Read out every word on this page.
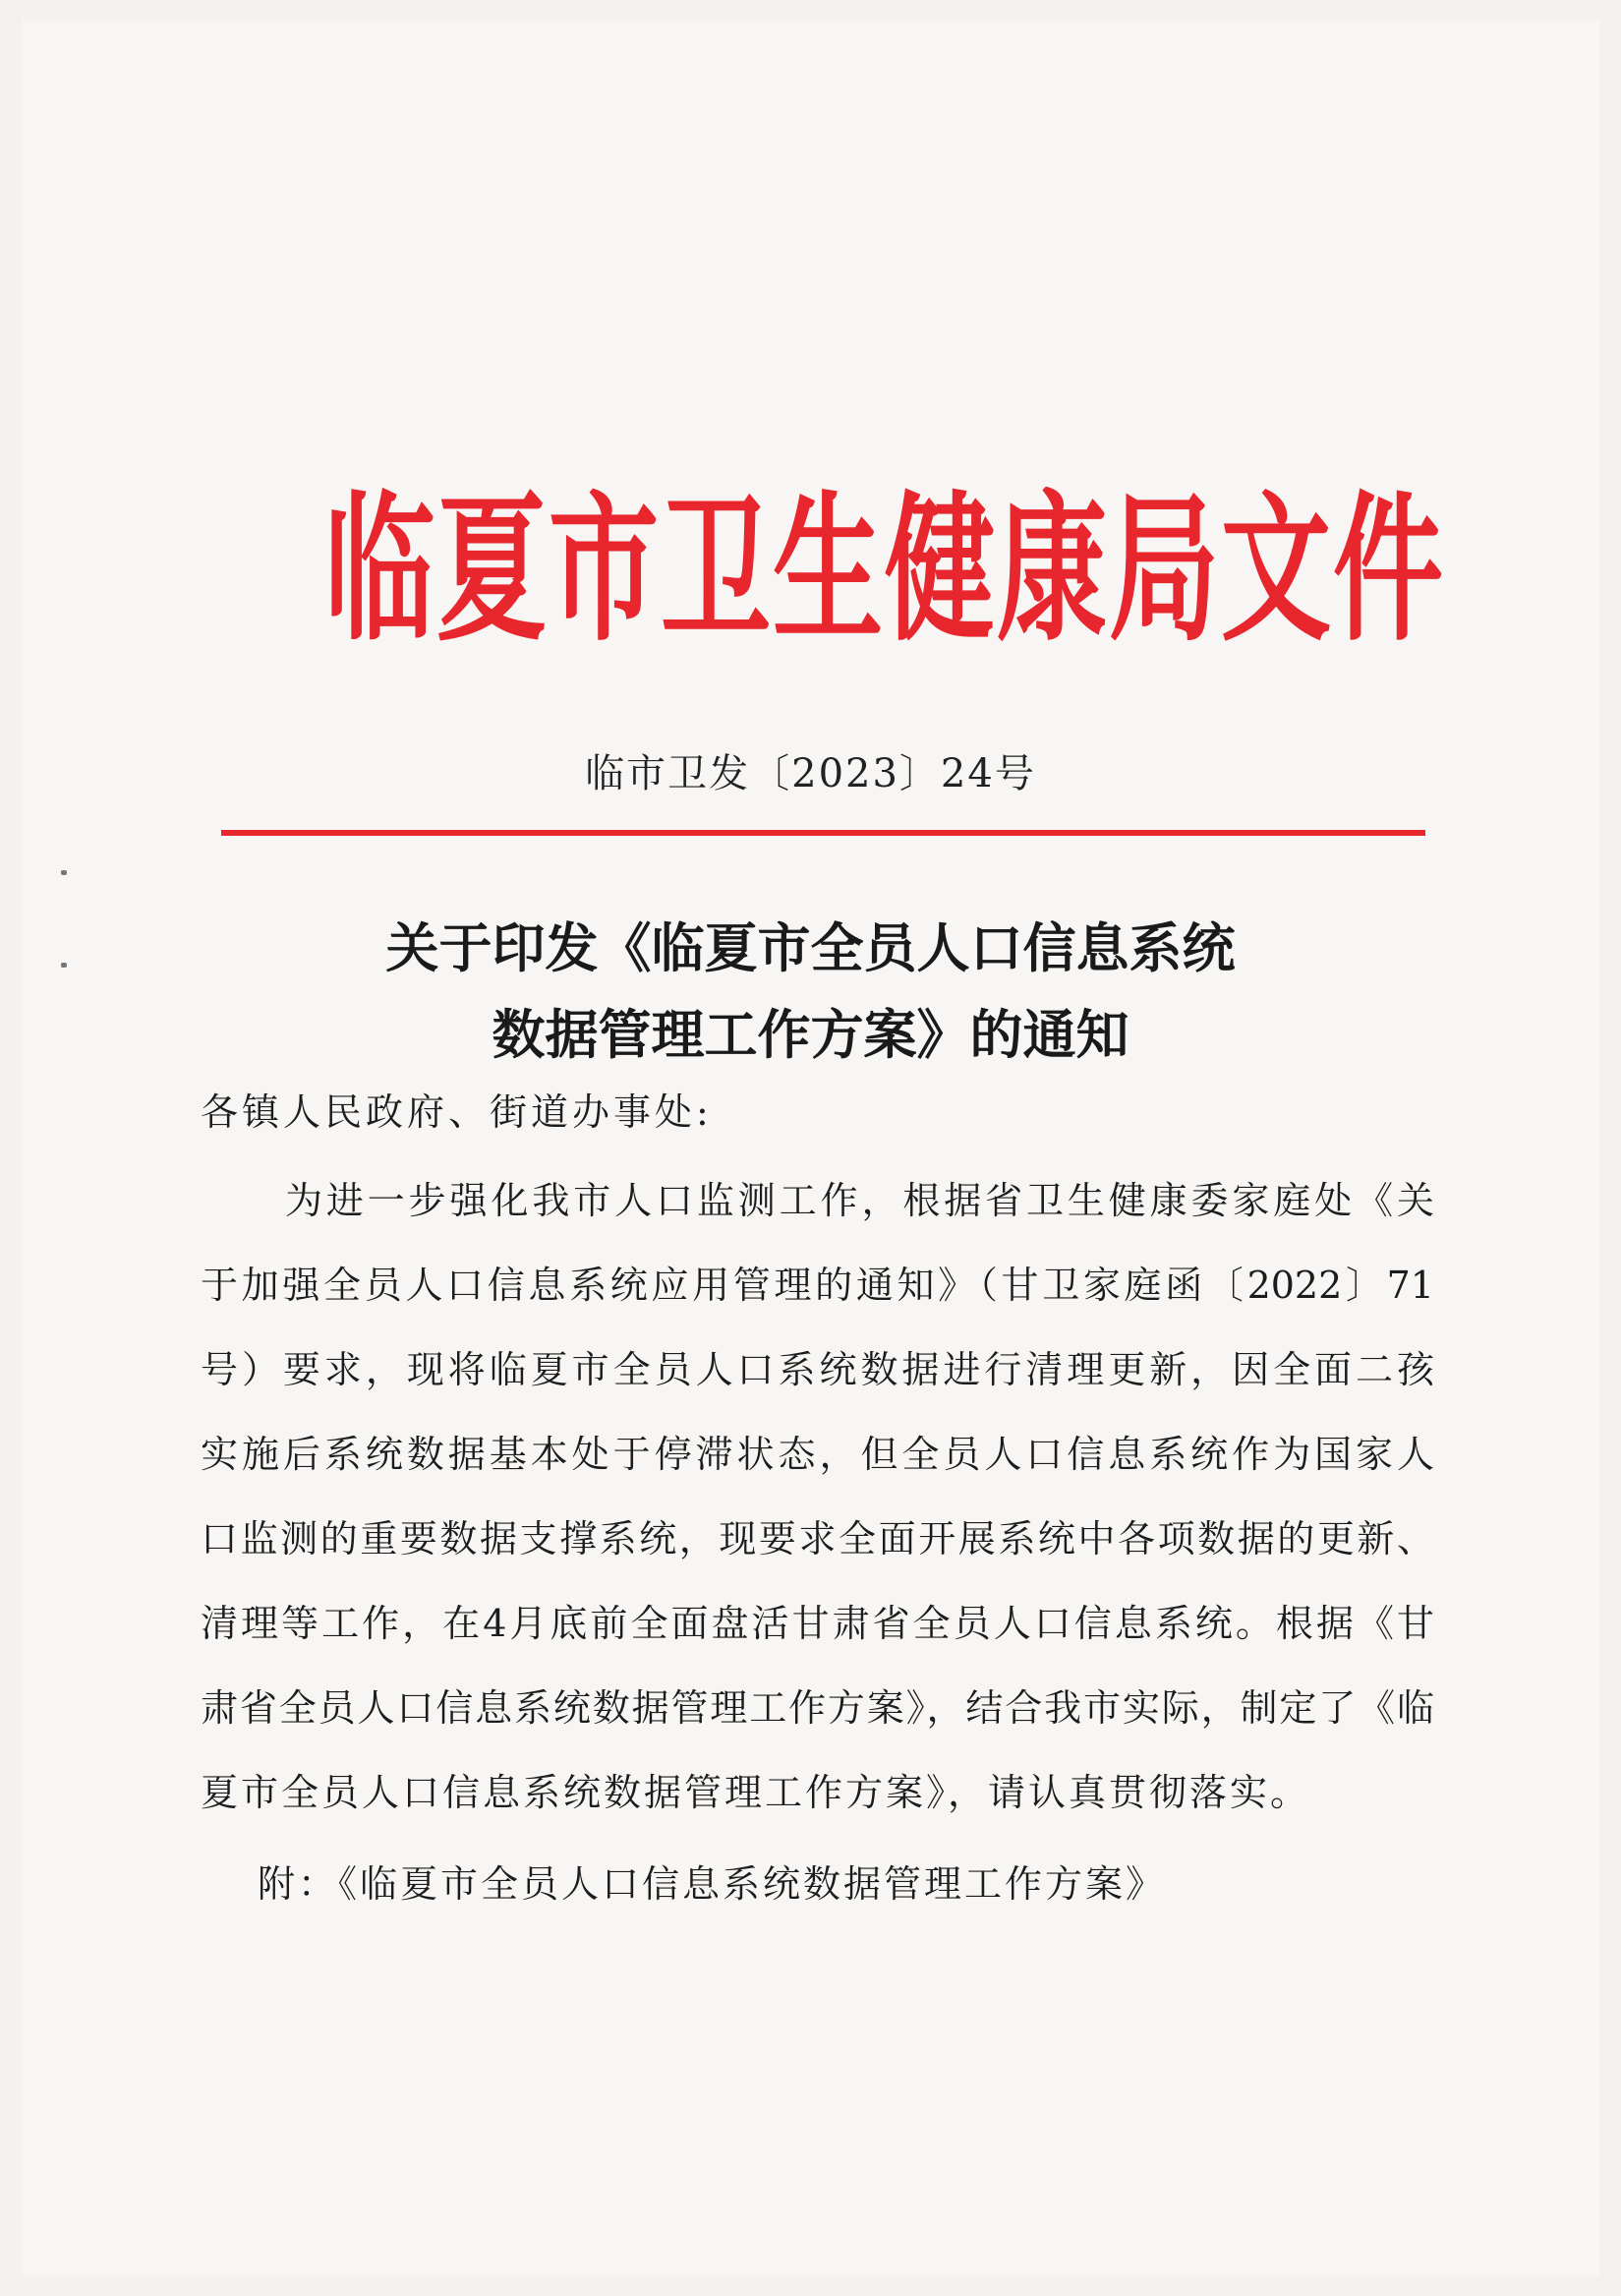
临夏市卫生健康局文件
临市卫发〔2023〕24号
关于印发《临夏市全员人口信息系统
数据管理工作方案》的通知
各镇人民政府、街道办事处:
为进一步强化我市人口监测工作，根据省卫生健康委家庭处《关
于加强全员人口信息系统应用管理的通知》（甘卫家庭函〔2022〕71
号）要求，现将临夏市全员人口系统数据进行清理更新，因全面二孩
实施后系统数据基本处于停滞状态，但全员人口信息系统作为国家人
口监测的重要数据支撑系统，现要求全面开展系统中各项数据的更新、
清理等工作，在4月底前全面盘活甘肃省全员人口信息系统。根据《甘
肃省全员人口信息系统数据管理工作方案》，结合我市实际，制定了《临
夏市全员人口信息系统数据管理工作方案》，请认真贯彻落实。
附：《临夏市全员人口信息系统数据管理工作方案》
